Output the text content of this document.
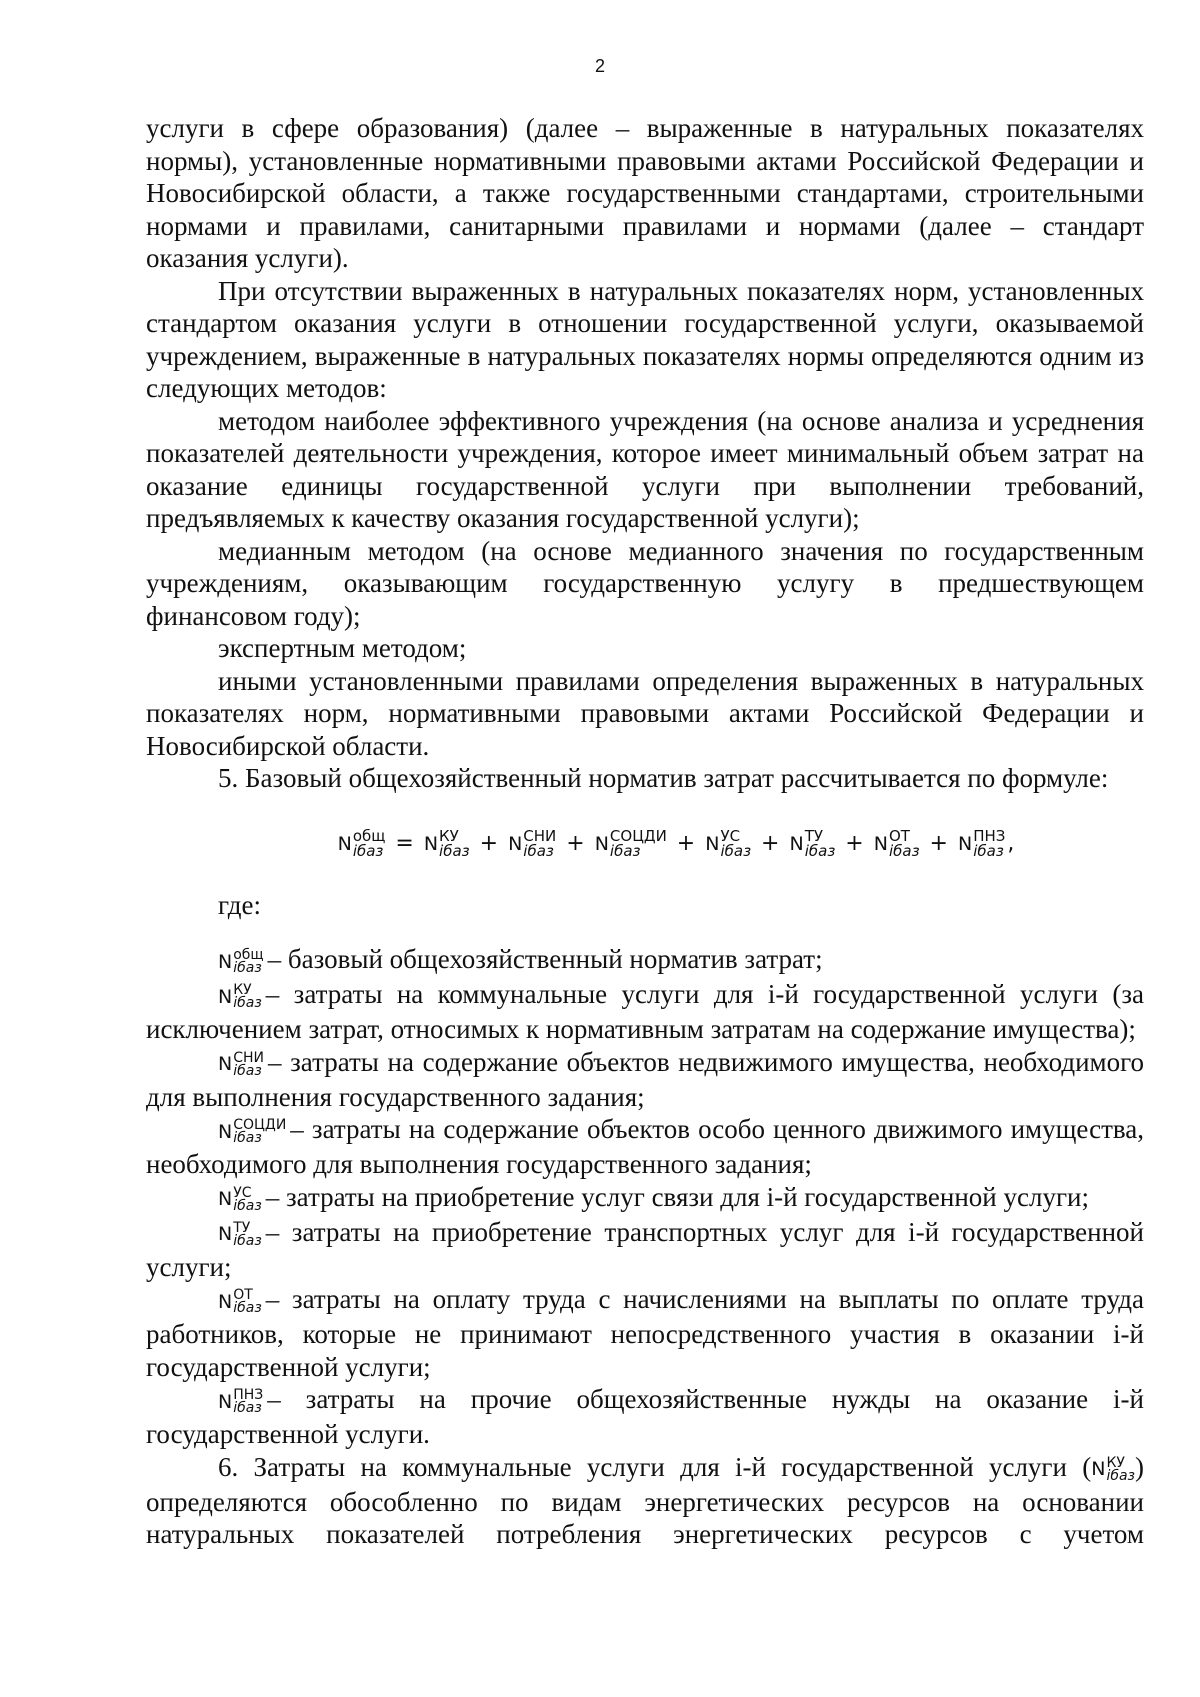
2

услуги в сфере образования) (далее – выраженные в натуральных показателях нормы), установленные нормативными правовыми актами Российской Федерации и Новосибирской области, а также государственными стандартами, строительными нормами и правилами, санитарными правилами и нормами (далее – стандарт оказания услуги).

При отсутствии выраженных в натуральных показателях норм, установленных стандартом оказания услуги в отношении государственной услуги, оказываемой учреждением, выраженные в натуральных показателях нормы определяются одним из следующих методов:

методом наиболее эффективного учреждения (на основе анализа и усреднения показателей деятельности учреждения, которое имеет минимальный объем затрат на оказание единицы государственной услуги при выполнении требований, предъявляемых к качеству оказания государственной услуги);

медианным методом (на основе медианного значения по государственным учреждениям, оказывающим государственную услугу в предшествующем финансовом году);

экспертным методом;

иными установленными правилами определения выраженных в натуральных показателях норм, нормативными правовыми актами Российской Федерации и Новосибирской области.

5. Базовый общехозяйственный норматив затрат рассчитывается по формуле:

N общ
iбаз = N КУ
iбаз + N СНИ
iбаз + N СОЦДИ
iбаз	+ N УС
iбаз + N ТУ
iбаз + N ОТ
iбаз + N ПНЗ
iбаз ,

где:

N общ
iбаз – базовый общехозяйственный норматив затрат;

N КУ
iбаз – затраты на коммунальные услуги для i-й государственной услуги (за исключением затрат, относимых к нормативным затратам на содержание имущества);

N СНИ
iбаз – затраты на содержание объектов недвижимого имущества, необходимого для выполнения государственного задания;

N СОЦДИ
iбаз	– затраты на содержание объектов особо ценного движимого имущества, необходимого для выполнения государственного задания;

N УС
iбаз – затраты на приобретение услуг связи для i-й государственной услуги;

N ТУ
iбаз – затраты на приобретение транспортных услуг для i-й государственной услуги;

N ОТ
iбаз – затраты на оплату труда с начислениями на выплаты по оплате труда работников, которые не принимают непосредственного участия в оказании i-й государственной услуги;

N ПНЗ
iбаз – затраты на прочие общехозяйственные нужды на оказание i-й государственной услуги.

6. Затраты на коммунальные услуги для i-й государственной услуги (N КУ
iбаз ) определяются обособленно по видам энергетических ресурсов на основании натуральных показателей потребления энергетических ресурсов с учетом
